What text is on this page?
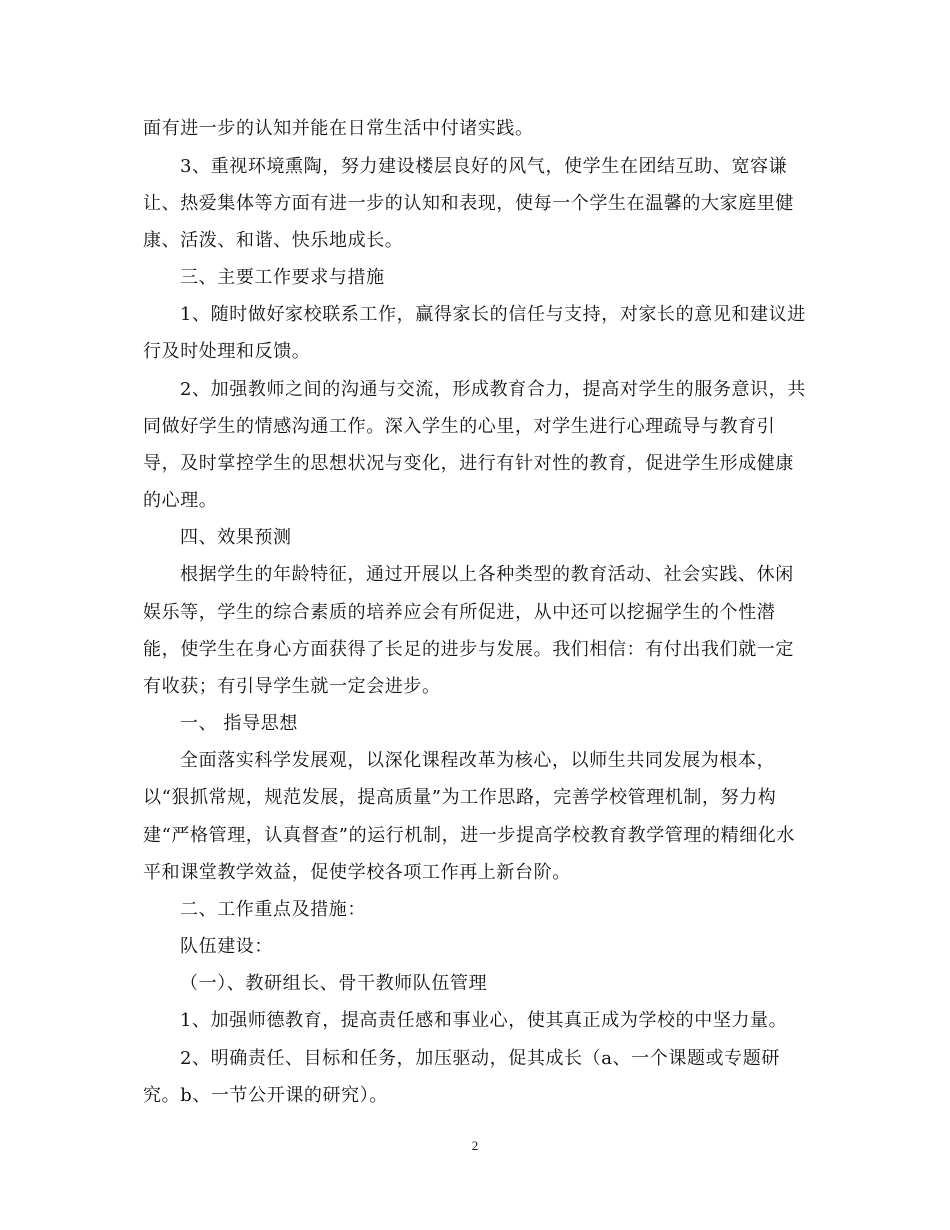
面有进一步的认知并能在日常生活中付诸实践。
3、重视环境熏陶，努力建设楼层良好的风气，使学生在团结互助、宽容谦
让、热爱集体等方面有进一步的认知和表现，使每一个学生在温馨的大家庭里健
康、活泼、和谐、快乐地成长。
三、主要工作要求与措施
1、随时做好家校联系工作，赢得家长的信任与支持，对家长的意见和建议进
行及时处理和反馈。
2、加强教师之间的沟通与交流，形成教育合力，提高对学生的服务意识，共
同做好学生的情感沟通工作。深入学生的心里，对学生进行心理疏导与教育引
导，及时掌控学生的思想状况与变化，进行有针对性的教育，促进学生形成健康
的心理。
四、效果预测
根据学生的年龄特征，通过开展以上各种类型的教育活动、社会实践、休闲
娱乐等，学生的综合素质的培养应会有所促进，从中还可以挖掘学生的个性潜
能，使学生在身心方面获得了长足的进步与发展。我们相信：有付出我们就一定
有收获；有引导学生就一定会进步。
一、 指导思想
全面落实科学发展观，以深化课程改革为核心，以师生共同发展为根本，
以“狠抓常规，规范发展，提高质量”为工作思路，完善学校管理机制，努力构
建“严格管理，认真督查”的运行机制，进一步提高学校教育教学管理的精细化水
平和课堂教学效益，促使学校各项工作再上新台阶。
二、工作重点及措施：
队伍建设：
（一）、教研组长、骨干教师队伍管理
1、加强师德教育，提高责任感和事业心，使其真正成为学校的中坚力量。
2、明确责任、目标和任务，加压驱动，促其成长（a、一个课题或专题研
究。b、一节公开课的研究）。
2
